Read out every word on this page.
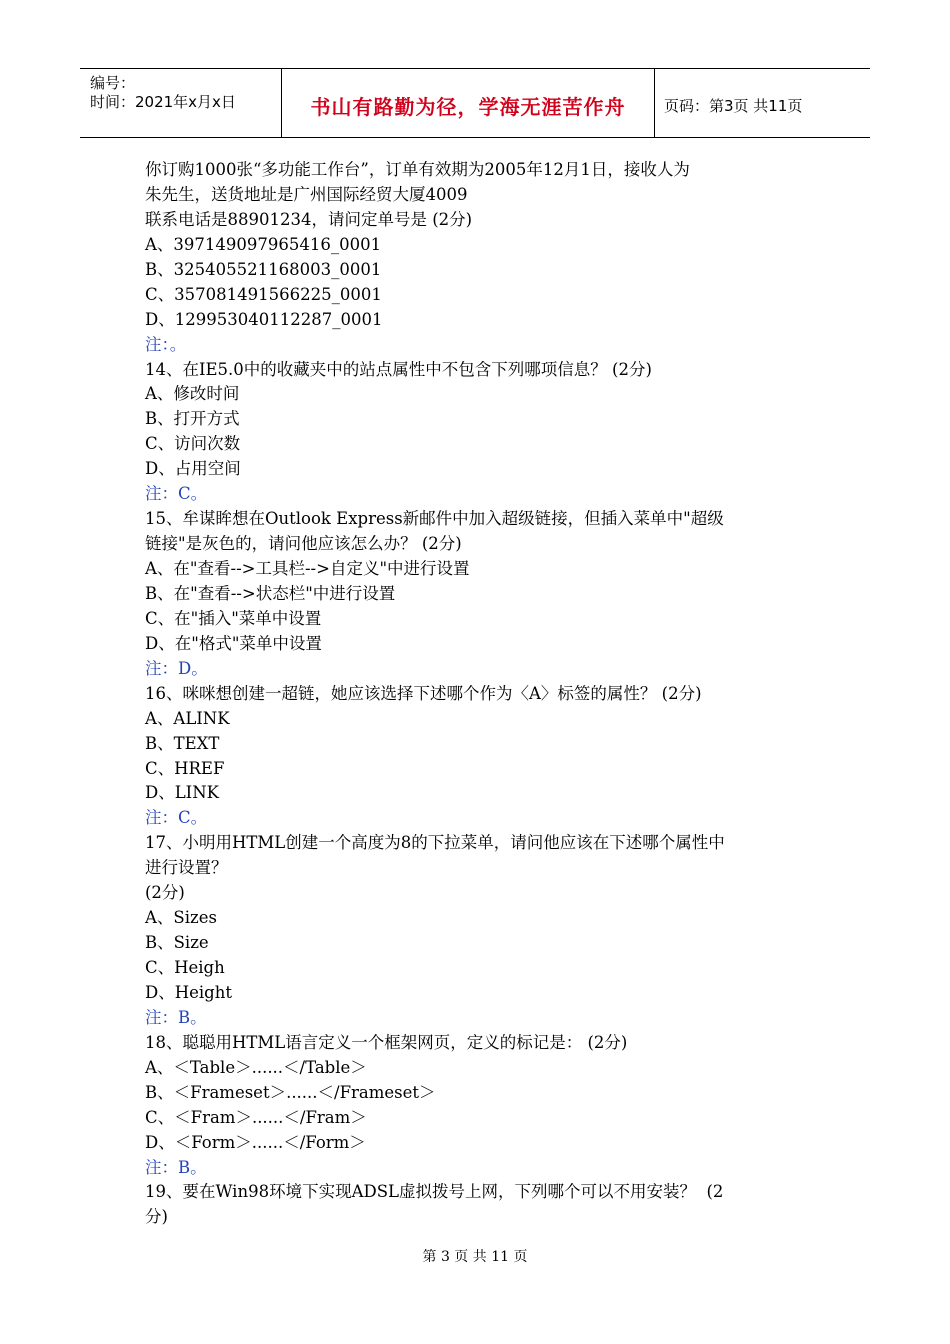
编号：
时间：2021年x月x日	书山有路勤为径，学海无涯苦作舟	页码：第3页 共11页
你订购1000张“多功能工作台”，订单有效期为2005年12月1日，接收人为
朱先生，送货地址是广州国际经贸大厦4009
联系电话是88901234，请问定单号是 (2分)
A、397149097965416_0001
B、325405521168003_0001
C、357081491566225_0001
D、129953040112287_0001
注：。
14、在IE5.0中的收藏夹中的站点属性中不包含下列哪项信息？ (2分)
A、修改时间
B、打开方式
C、访问次数
D、占用空间
注：C。
15、牟谋眸想在Outlook Express新邮件中加入超级链接，但插入菜单中"超级
链接"是灰色的，请问他应该怎么办？ (2分)
A、在"查看-->工具栏-->自定义"中进行设置
B、在"查看-->状态栏"中进行设置
C、在"插入"菜单中设置
D、在"格式"菜单中设置
注：D。
16、咪咪想创建一超链，她应该选择下述哪个作为〈A〉标签的属性？ (2分)
A、ALINK
B、TEXT
C、HREF
D、LINK
注：C。
17、小明用HTML创建一个高度为8的下拉菜单，请问他应该在下述哪个属性中
进行设置？
(2分)
A、Sizes
B、Size
C、Heigh
D、Height
注：B。
18、聪聪用HTML语言定义一个框架网页，定义的标记是： (2分)
A、＜Table＞......＜/Table＞
B、＜Frameset＞......＜/Frameset＞
C、＜Fram＞......＜/Fram＞
D、＜Form＞......＜/Form＞
注：B。
19、要在Win98环境下实现ADSL虚拟拨号上网，下列哪个可以不用安装？  (2
分)
第 3 页 共 11 页
